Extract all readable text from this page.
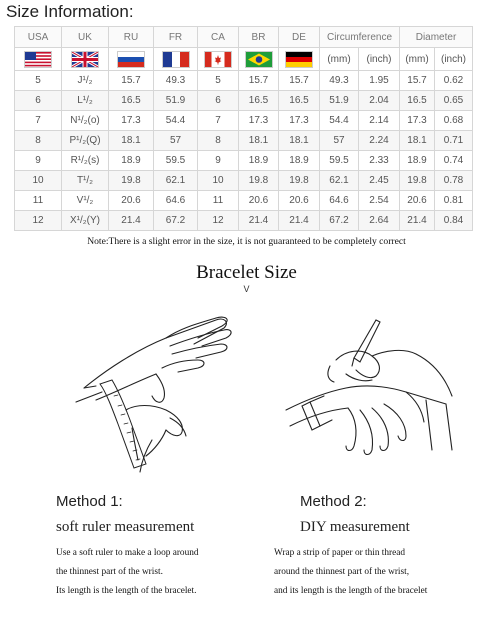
Size Information:
USA	UK	RU	FR	CA	BR	DE	Circumference		Diameter	
							(mm)	(inch)	(mm)	(inch)
5	J¹/₂	15.7	49.3	5	15.7	15.7	49.3	1.95	15.7	0.62
6	L¹/₂	16.5	51.9	6	16.5	16.5	51.9	2.04	16.5	0.65
7	N¹/₂(o)	17.3	54.4	7	17.3	17.3	54.4	2.14	17.3	0.68
8	P¹/₂(Q)	18.1	57	8	18.1	18.1	57	2.24	18.1	0.71
9	R¹/₂(s)	18.9	59.5	9	18.9	18.9	59.5	2.33	18.9	0.74
10	T¹/₂	19.8	62.1	10	19.8	19.8	62.1	2.45	19.8	0.78
11	V¹/₂	20.6	64.6	11	20.6	20.6	64.6	2.54	20.6	0.81
12	X¹/₂(Y)	21.4	67.2	12	21.4	21.4	67.2	2.64	21.4	0.84
Note:There is a slight error in the size, it is not guaranteed to be completely correct
Bracelet Size
V
Method 1:
soft ruler measurement
Use a soft ruler to make a loop around
the thinnest part of the wrist.
Its length is the length of the bracelet.
Method 2:
DIY measurement
Wrap a strip of paper or thin thread
around the thinnest part of the wrist,
and its length is the length of the bracelet
